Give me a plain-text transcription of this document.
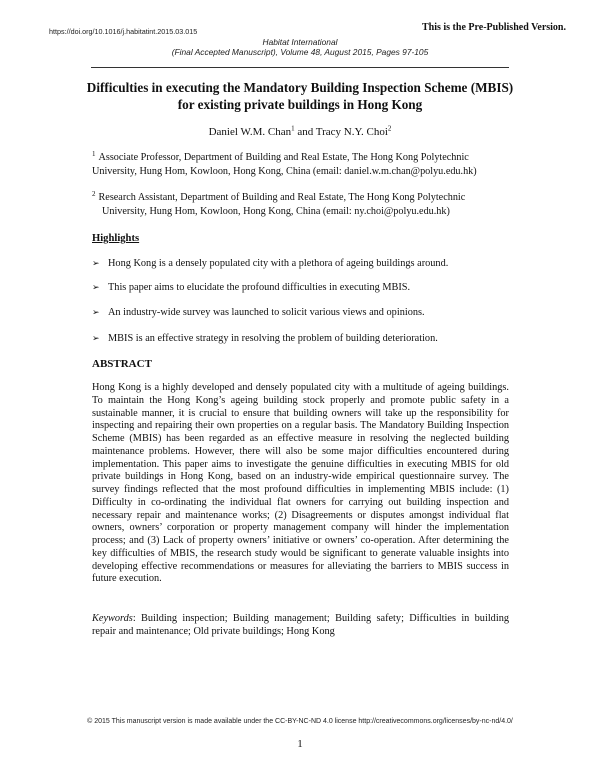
https://doi.org/10.1016/j.habitatint.2015.03.015	This is the Pre-Published Version.
Habitat International
(Final Accepted Manuscript), Volume 48, August 2015, Pages 97-105
Difficulties in executing the Mandatory Building Inspection Scheme (MBIS) for existing private buildings in Hong Kong
Daniel W.M. Chan$^1$ and Tracy N.Y. Choi$^2$
$^1$ Associate Professor, Department of Building and Real Estate, The Hong Kong Polytechnic
University, Hung Hom, Kowloon, Hong Kong, China (email: daniel.w.m.chan@polyu.edu.hk)
$^2$ Research Assistant, Department of Building and Real Estate, The Hong Kong Polytechnic
University, Hung Hom, Kowloon, Hong Kong, China (email: ny.choi@polyu.edu.hk)
Highlights
➢ Hong Kong is a densely populated city with a plethora of ageing buildings around.
➢ This paper aims to elucidate the profound difficulties in executing MBIS.
➢ An industry-wide survey was launched to solicit various views and opinions.
➢ MBIS is an effective strategy in resolving the problem of building deterioration.
ABSTRACT

Hong Kong is a highly developed and densely populated city with a multitude of ageing buildings. To maintain the Hong Kong’s ageing building stock properly and promote public safety in a sustainable manner, it is crucial to ensure that building owners will take up the responsibility for inspecting and repairing their own properties on a regular basis. The Mandatory Building Inspection Scheme (MBIS) has been regarded as an effective measure in resolving the neglected building maintenance problems. However, there will also be some major difficulties encountered during implementation. This paper aims to investigate the genuine difficulties in executing MBIS for old private buildings in Hong Kong, based on an industry-wide empirical questionnaire survey. The survey findings reflected that the most profound difficulties in implementing MBIS include: (1) Difficulty in co-ordinating the individual flat owners for carrying out building inspection and necessary repair and maintenance works; (2) Disagreements or disputes amongst individual flat owners, owners’ corporation or property management company will hinder the implementation process; and (3) Lack of property owners’ initiative or owners’ co-operation. After determining the key difficulties of MBIS, the research study would be significant to generate valuable insights into developing effective recommendations or measures for alleviating the barriers to MBIS success in future execution.

Keywords: Building inspection; Building management; Building safety; Difficulties in building repair and maintenance; Old private buildings; Hong Kong

© 2015 This manuscript version is made available under the CC-BY-NC-ND 4.0 license http://creativecommons.org/licenses/by-nc-nd/4.0/
1
